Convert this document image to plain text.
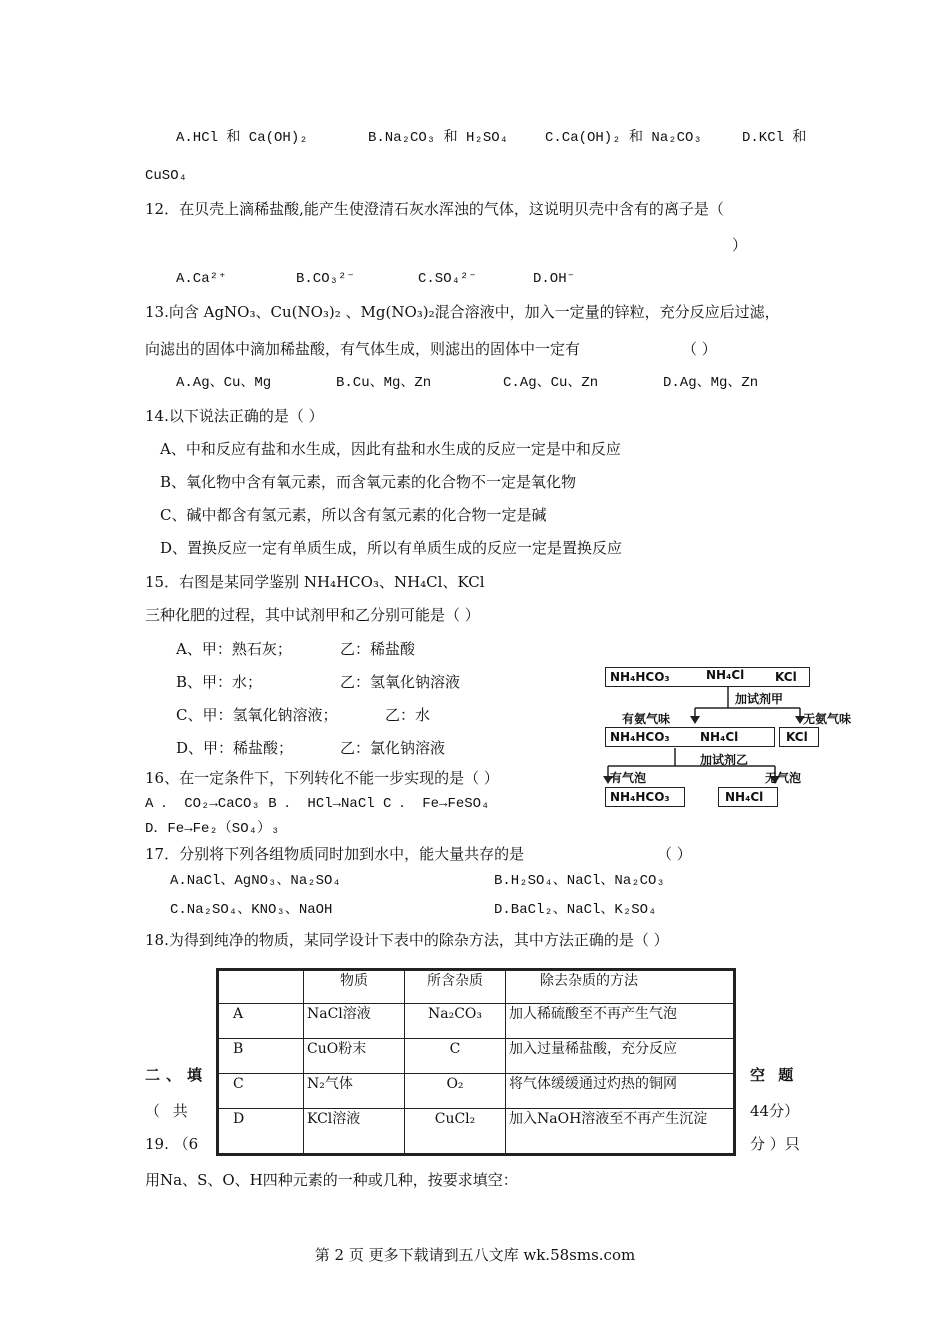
A.HCl 和 Ca(OH)₂	B.Na₂CO₃ 和 H₂SO₄	C.Ca(OH)₂ 和 Na₂CO₃	D.KCl 和
CuSO₄
12．在贝壳上滴稀盐酸,能产生使澄清石灰水浑浊的气体，这说明贝壳中含有的离子是（
）
A.Ca²⁺	B.CO₃²⁻	C.SO₄²⁻	D.OH⁻
13.向含 AgNO₃、Cu(NO₃)₂ 、Mg(NO₃)₂混合溶液中，加入一定量的锌粒，充分反应后过滤，
向滤出的固体中滴加稀盐酸，有气体生成，则滤出的固体中一定有	（ ）
A.Ag、Cu、Mg	B.Cu、Mg、Zn	C.Ag、Cu、Zn	D.Ag、Mg、Zn
14.以下说法正确的是（ ）
A、中和反应有盐和水生成，因此有盐和水生成的反应一定是中和反应
B、氧化物中含有氧元素，而含氧元素的化合物不一定是氧化物
C、碱中都含有氢元素，所以含有氢元素的化合物一定是碱
D、置换反应一定有单质生成，所以有单质生成的反应一定是置换反应
15．右图是某同学鉴别 NH₄HCO₃、NH₄Cl、KCl
三种化肥的过程，其中试剂甲和乙分别可能是（ ）
A、甲：熟石灰；	乙：稀盐酸
B、甲：水；	乙：氢氧化钠溶液
C、甲：氢氧化钠溶液；	乙：水
D、甲：稀盐酸；	乙：氯化钠溶液
NH₄HCO₃	NH₄Cl	KCl
加试剂甲
有氨气味	无氨气味
NH₄HCO₃	NH₄Cl	KCl
加试剂乙
有气泡	无气泡
NH₄HCO₃	NH₄Cl
16、在一定条件下，下列转化不能一步实现的是（ ）
A ． CO₂→CaCO₃ B ． HCl→NaCl C ． Fe→FeSO₄
D．Fe→Fe₂（SO₄）₃
17．分别将下列各组物质同时加到水中，能大量共存的是	（ ）
A.NaCl、AgNO₃、Na₂SO₄	B.H₂SO₄、NaCl、Na₂CO₃
C.Na₂SO₄、KNO₃、NaOH	D.BaCl₂、NaCl、K₂SO₄
18.为得到纯净的物质，某同学设计下表中的除杂方法，其中方法正确的是（ ）
	物质	所含杂质	除去杂质的方法
A	NaCl溶液	Na₂CO₃	加人稀硫酸至不再产生气泡
B	CuO粉末	C	加入过量稀盐酸，充分反应
C	N₂气体	O₂	将气体缓缓通过灼热的铜网
D	KCl溶液	CuCl₂	加入NaOH溶液至不再产生沉淀
二、填	空 题
（ 共	44分）
19. （6	分 ）只
用Na、S、O、H四种元素的一种或几种，按要求填空：
第 2 页 更多下载请到五八文库 wk.58sms.com
